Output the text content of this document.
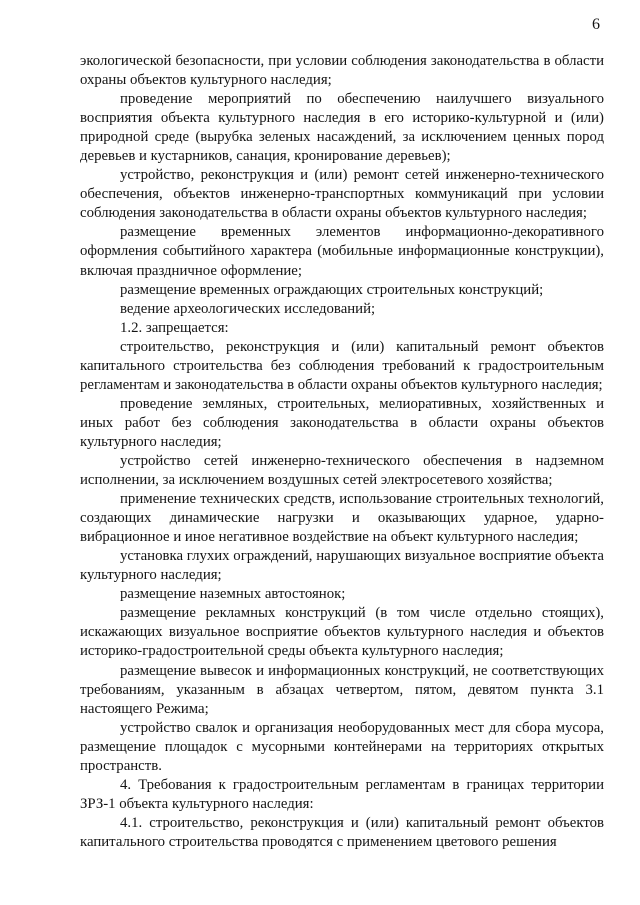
6

экологической безопасности, при условии соблюдения законодательства в области охраны объектов культурного наследия;

проведение мероприятий по обеспечению наилучшего визуального восприятия объекта культурного наследия в его историко-культурной и (или) природной среде (вырубка зеленых насаждений, за исключением ценных пород деревьев и кустарников, санация, кронирование деревьев);

устройство, реконструкция и (или) ремонт сетей инженерно-технического обеспечения, объектов инженерно-транспортных коммуникаций при условии соблюдения законодательства в области охраны объектов культурного наследия;

размещение временных элементов информационно-декоративного оформления событийного характера (мобильные информационные конструкции), включая праздничное оформление;

размещение временных ограждающих строительных конструкций;

ведение археологических исследований;

1.2. запрещается:

строительство, реконструкция и (или) капитальный ремонт объектов капитального строительства без соблюдения требований к градостроительным регламентам и законодательства в области охраны объектов культурного наследия;

проведение земляных, строительных, мелиоративных, хозяйственных и иных работ без соблюдения законодательства в области охраны объектов культурного наследия;

устройство сетей инженерно-технического обеспечения в надземном исполнении, за исключением воздушных сетей электросетевого хозяйства;

применение технических средств, использование строительных технологий, создающих динамические нагрузки и оказывающих ударное, ударно-вибрационное и иное негативное воздействие на объект культурного наследия;

установка глухих ограждений, нарушающих визуальное восприятие объекта культурного наследия;

размещение наземных автостоянок;

размещение рекламных конструкций (в том числе отдельно стоящих), искажающих визуальное восприятие объектов культурного наследия и объектов историко-градостроительной среды объекта культурного наследия;

размещение вывесок и информационных конструкций, не соответствующих требованиям, указанным в абзацах четвертом, пятом, девятом пункта 3.1 настоящего Режима;

устройство свалок и организация необорудованных мест для сбора мусора, размещение площадок с мусорными контейнерами на территориях открытых пространств.

4. Требования к градостроительным регламентам в границах территории ЗРЗ-1 объекта культурного наследия:

4.1. строительство, реконструкция и (или) капитальный ремонт объектов капитального строительства проводятся с применением цветового решения
